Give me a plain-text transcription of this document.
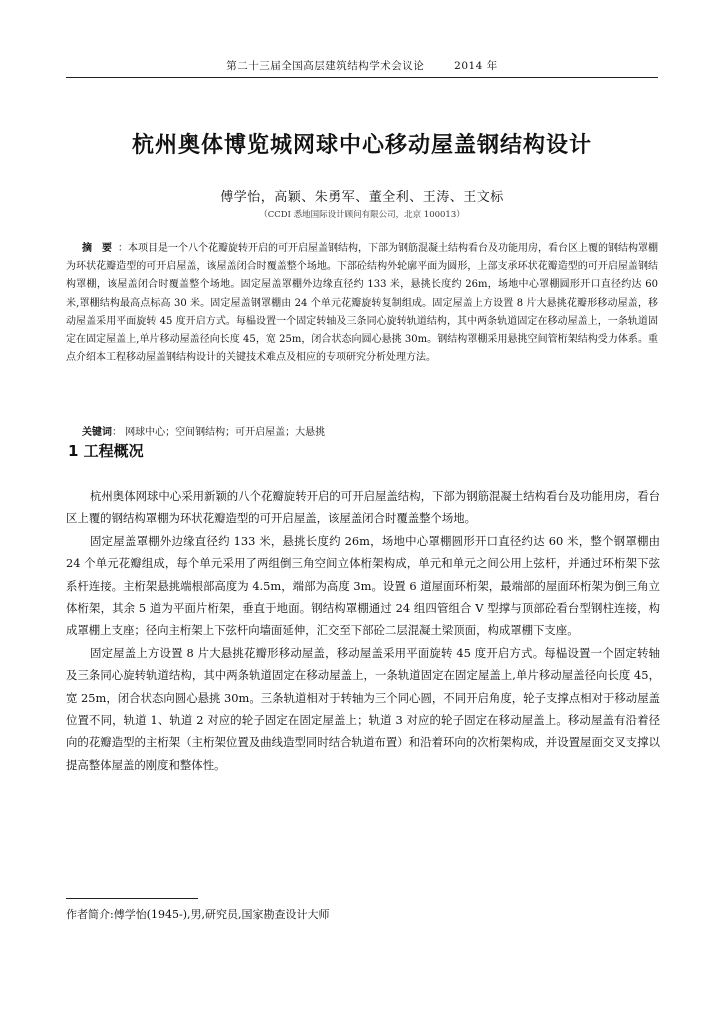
第二十三届全国高层建筑结构学术会议论	2014 年
杭州奥体博览城网球中心移动屋盖钢结构设计
傅学怡，高颖、朱勇军、董全利、王涛、王文标
（CCDI 悉地国际设计顾问有限公司，北京 100013）
摘　要 ：本项目是一个八个花瓣旋转开启的可开启屋盖钢结构，下部为钢筋混凝土结构看台及功能用房，看台区上覆的钢结构罩棚为环状花瓣造型的可开启屋盖，该屋盖闭合时覆盖整个场地。下部砼结构外轮廓平面为圆形，上部支承环状花瓣造型的可开启屋盖钢结构罩棚，该屋盖闭合时覆盖整个场地。固定屋盖罩棚外边缘直径约 133 米，悬挑长度约 26m，场地中心罩棚圆形开口直径约达 60 米,罩棚结构最高点标高 30 米。固定屋盖钢罩棚由 24 个单元花瓣旋转复制组成。固定屋盖上方设置 8 片大悬挑花瓣形移动屋盖，移动屋盖采用平面旋转 45 度开启方式。每榀设置一个固定转轴及三条同心旋转轨道结构，其中两条轨道固定在移动屋盖上，一条轨道固定在固定屋盖上,单片移动屋盖径向长度 45，宽 25m，闭合状态向圆心悬挑 30m。钢结构罩棚采用悬挑空间管桁架结构受力体系。重点介绍本工程移动屋盖钢结构设计的关键技术难点及相应的专项研究分析处理方法。
关键词： 网球中心；空间钢结构；可开启屋盖；大悬挑
1 工程概况

杭州奥体网球中心采用新颖的八个花瓣旋转开启的可开启屋盖结构，下部为钢筋混凝土结构看台及功能用房，看台区上覆的钢结构罩棚为环状花瓣造型的可开启屋盖，该屋盖闭合时覆盖整个场地。

固定屋盖罩棚外边缘直径约 133 米，悬挑长度约 26m，场地中心罩棚圆形开口直径约达 60 米，整个钢罩棚由 24 个单元花瓣组成，每个单元采用了两组倒三角空间立体桁架构成，单元和单元之间公用上弦杆，并通过环桁架下弦系杆连接。主桁架悬挑端根部高度为 4.5m，端部为高度 3m。设置 6 道屋面环桁架，最端部的屋面环桁架为倒三角立体桁架，其余 5 道为平面片桁架，垂直于地面。钢结构罩棚通过 24 组四管组合 V 型撑与顶部砼看台型钢柱连接，构成罩棚上支座；径向主桁架上下弦杆向墙面延伸，汇交至下部砼二层混凝土梁顶面，构成罩棚下支座。

固定屋盖上方设置 8 片大悬挑花瓣形移动屋盖，移动屋盖采用平面旋转 45 度开启方式。每榀设置一个固定转轴及三条同心旋转轨道结构，其中两条轨道固定在移动屋盖上，一条轨道固定在固定屋盖上,单片移动屋盖径向长度 45，宽 25m，闭合状态向圆心悬挑 30m。三条轨道相对于转轴为三个同心圆，不同开启角度，轮子支撑点相对于移动屋盖位置不同，轨道 1、轨道 2 对应的轮子固定在固定屋盖上；轨道 3 对应的轮子固定在移动屋盖上。移动屋盖有沿着径向的花瓣造型的主桁架（主桁架位置及曲线造型同时结合轨道布置）和沿着环向的次桁架构成，并设置屋面交叉支撑以提高整体屋盖的刚度和整体性。

作者简介:傅学怡(1945-),男,研究员,国家勘查设计大师
